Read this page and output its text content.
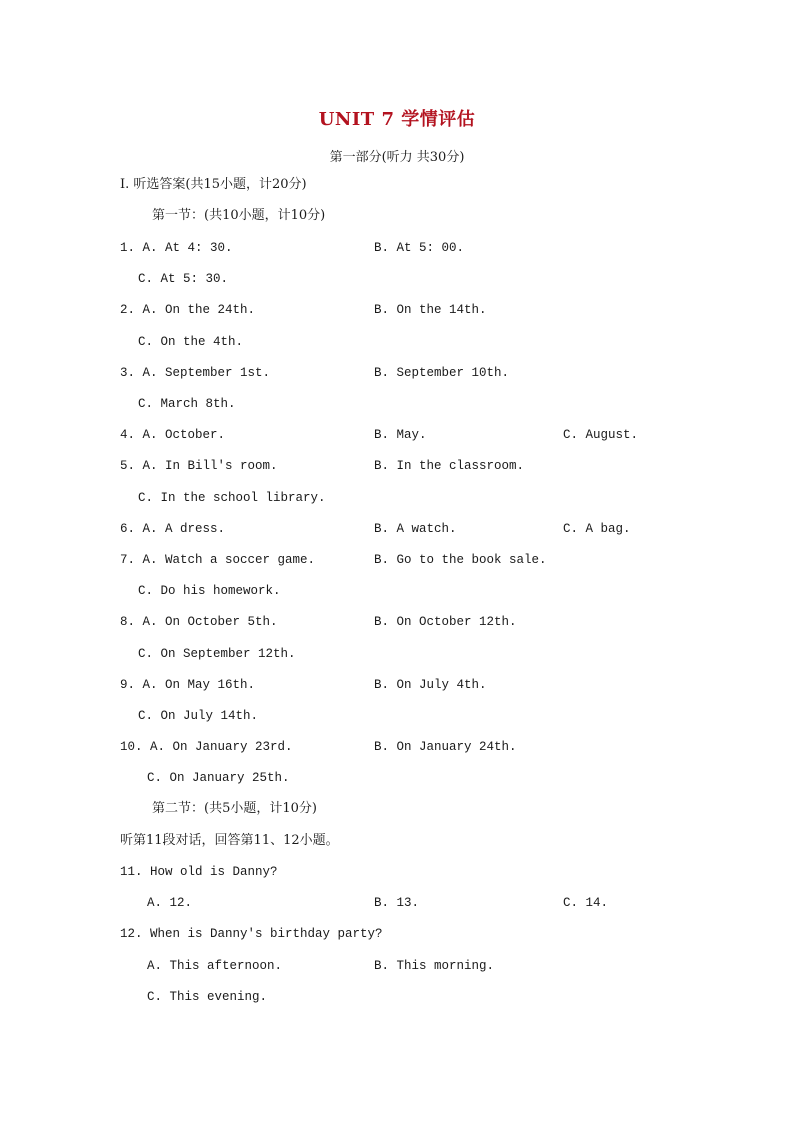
UNIT 7 学情评估
第一部分(听力 共30分)
Ⅰ. 听选答案(共15小题，计20分)
第一节：(共10小题，计10分)
1. A. At 4: 30.	B. At 5: 00.
C. At 5: 30.
2. A. On the 24th.	B. On the 14th.
C. On the 4th.
3. A. September 1st.	B. September 10th.
C. March 8th.
4. A. October.	B. May.	C. August.
5. A. In Bill's room.	B. In the classroom.
C. In the school library.
6. A. A dress.	B. A watch.	C. A bag.
7. A. Watch a soccer game.	B. Go to the book sale.
C. Do his homework.
8. A. On October 5th.	B. On October 12th.
C. On September 12th.
9. A. On May 16th.	B. On July 4th.
C. On July 14th.
10. A. On January 23rd.	B. On January 24th.
C. On January 25th.
第二节：(共5小题，计10分)
听第11段对话，回答第11、12小题。
11. How old is Danny?
A. 12.	B. 13.	C. 14.
12. When is Danny's birthday party?
A. This afternoon.	B. This morning.
C. This evening.
